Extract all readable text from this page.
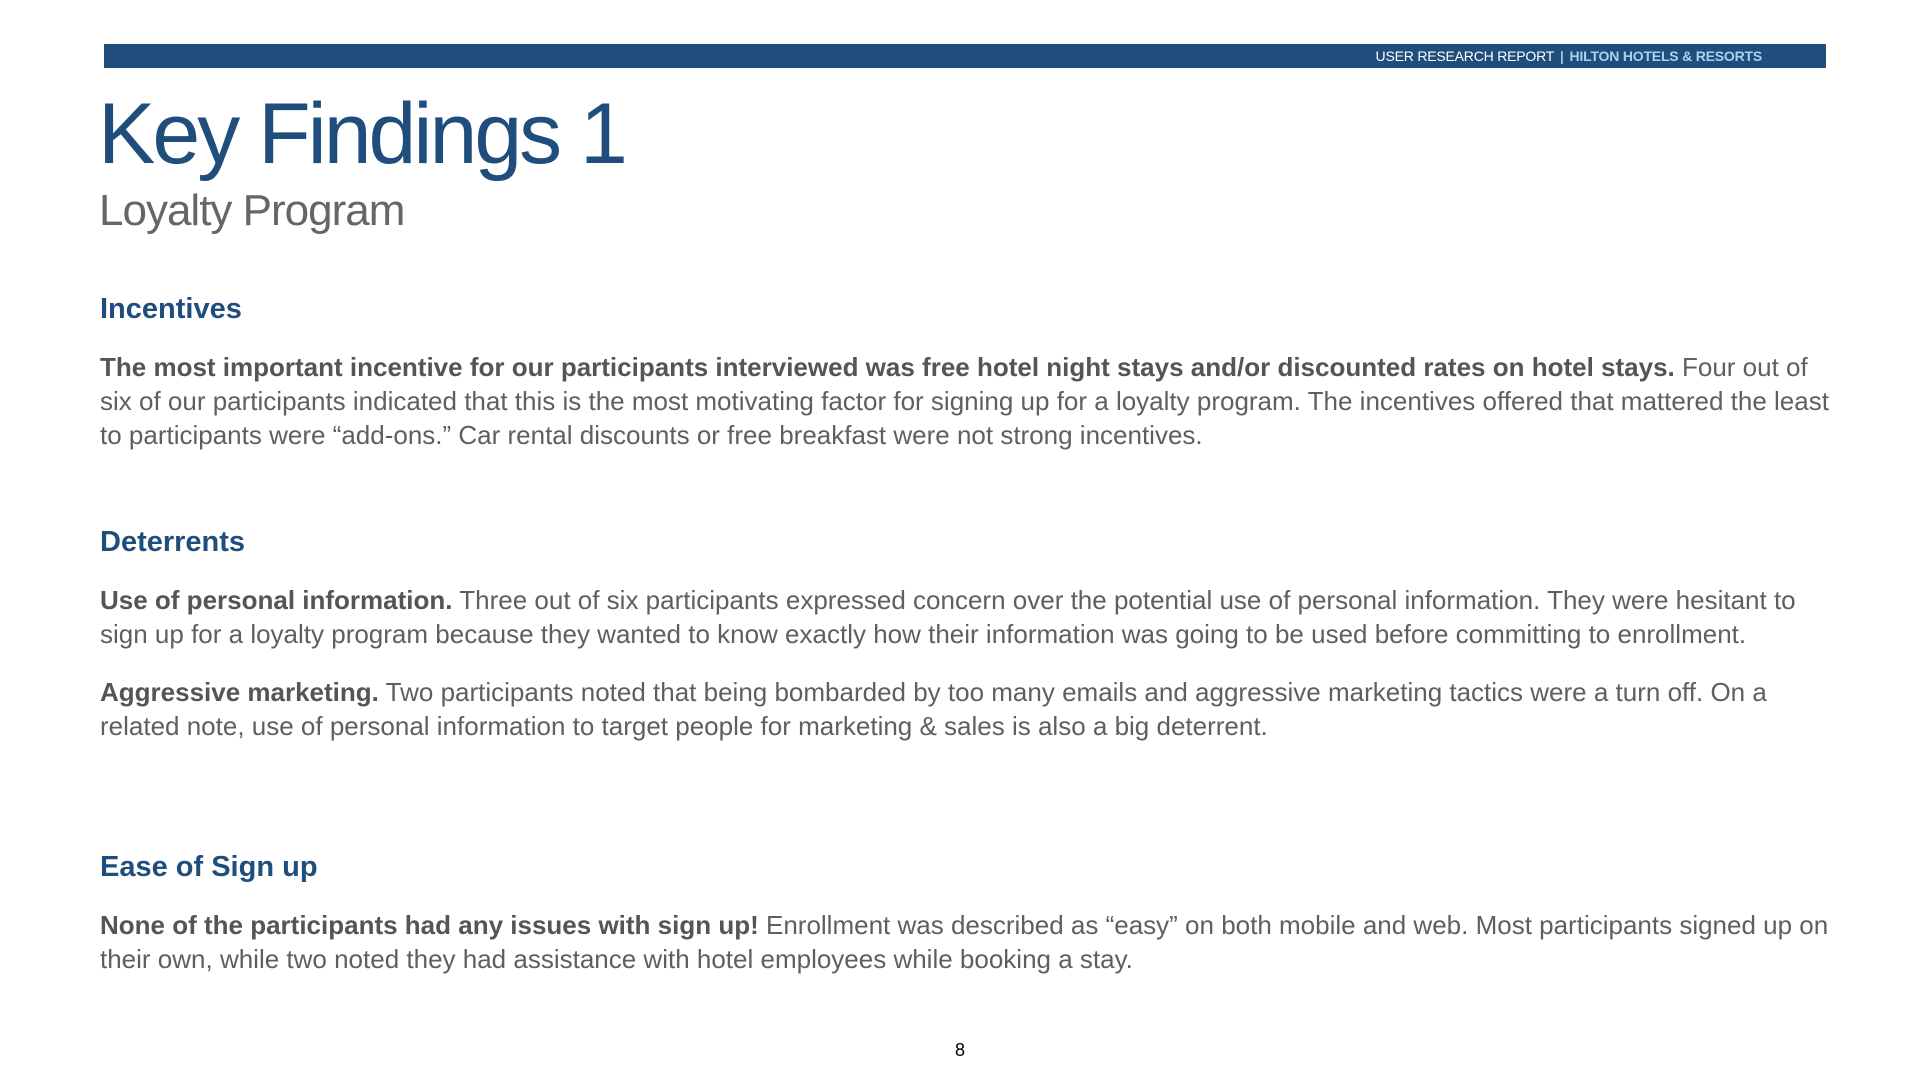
USER RESEARCH REPORT | HILTON HOTELS & RESORTS
Key Findings 1
Loyalty Program
Incentives

The most important incentive for our participants interviewed was free hotel night stays and/or discounted rates on hotel stays. Four out of six of our participants indicated that this is the most motivating factor for signing up for a loyalty program. The incentives offered that mattered the least to participants were “add-ons.” Car rental discounts or free breakfast were not strong incentives.

Deterrents

Use of personal information. Three out of six participants expressed concern over the potential use of personal information. They were hesitant to sign up for a loyalty program because they wanted to know exactly how their information was going to be used before committing to enrollment.

Aggressive marketing. Two participants noted that being bombarded by too many emails and aggressive marketing tactics were a turn off. On a related note, use of personal information to target people for marketing & sales is also a big deterrent.

Ease of Sign up

None of the participants had any issues with sign up! Enrollment was described as “easy” on both mobile and web. Most participants signed up on their own, while two noted they had assistance with hotel employees while booking a stay.

8
